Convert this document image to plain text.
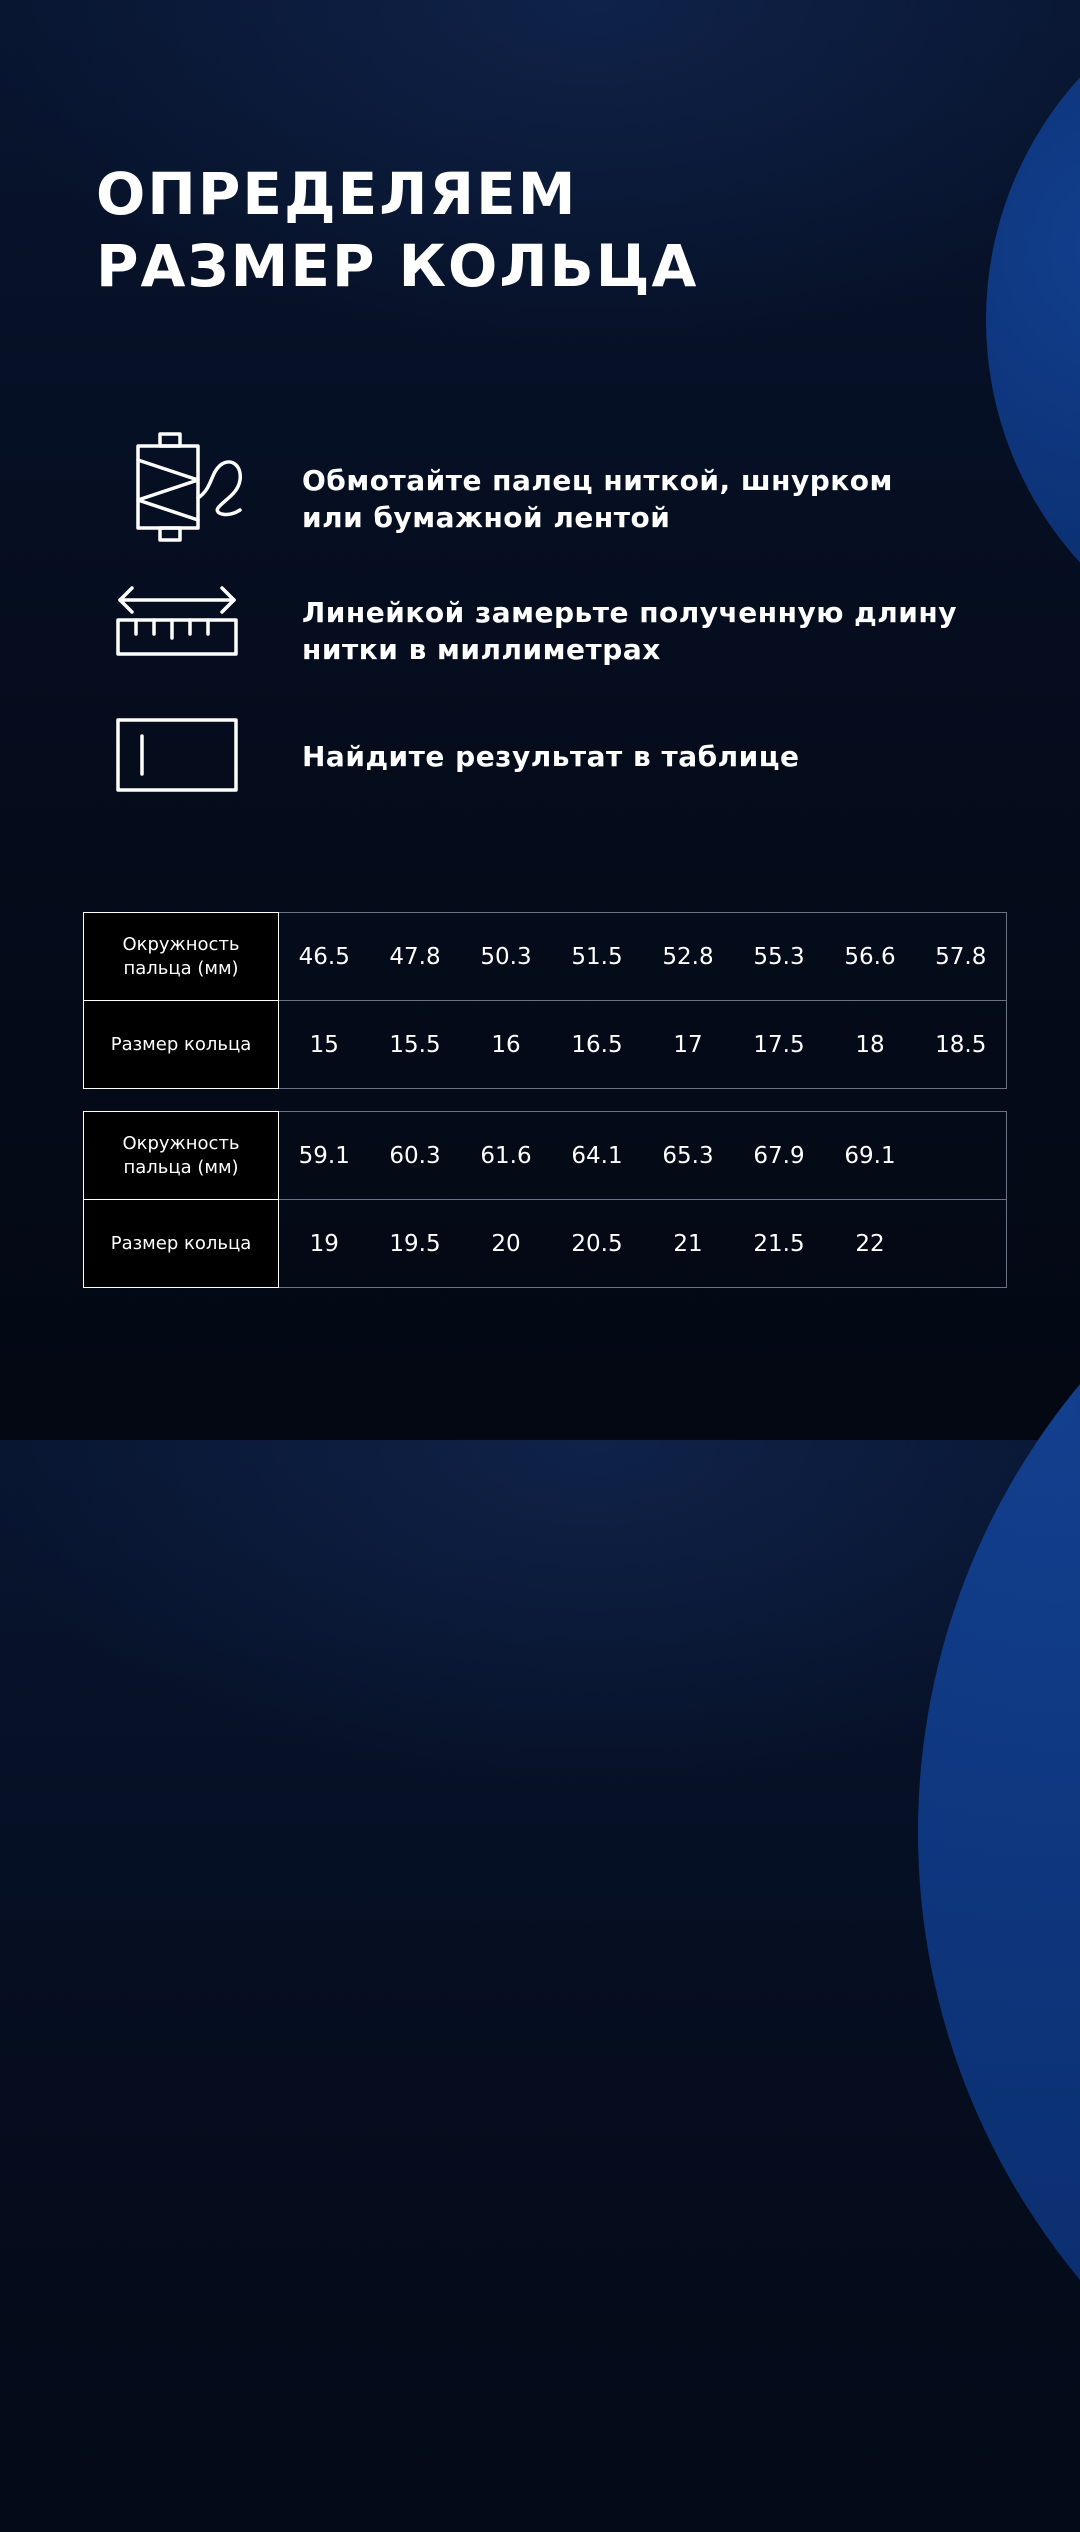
ОПРЕДЕЛЯЕМ
РАЗМЕР КОЛЬЦА
Обмотайте палец ниткой, шнурком
или бумажной лентой
Линейкой замерьте полученную длину
нитки в миллиметрах
Найдите результат в таблице
Окружность пальца (мм)	46.5	47.8	50.3	51.5	52.8	55.3	56.6	57.8
Размер кольца	15	15.5	16	16.5	17	17.5	18	18.5
Окружность пальца (мм)	59.1	60.3	61.6	64.1	65.3	67.9	69.1	
Размер кольца	19	19.5	20	20.5	21	21.5	22	
